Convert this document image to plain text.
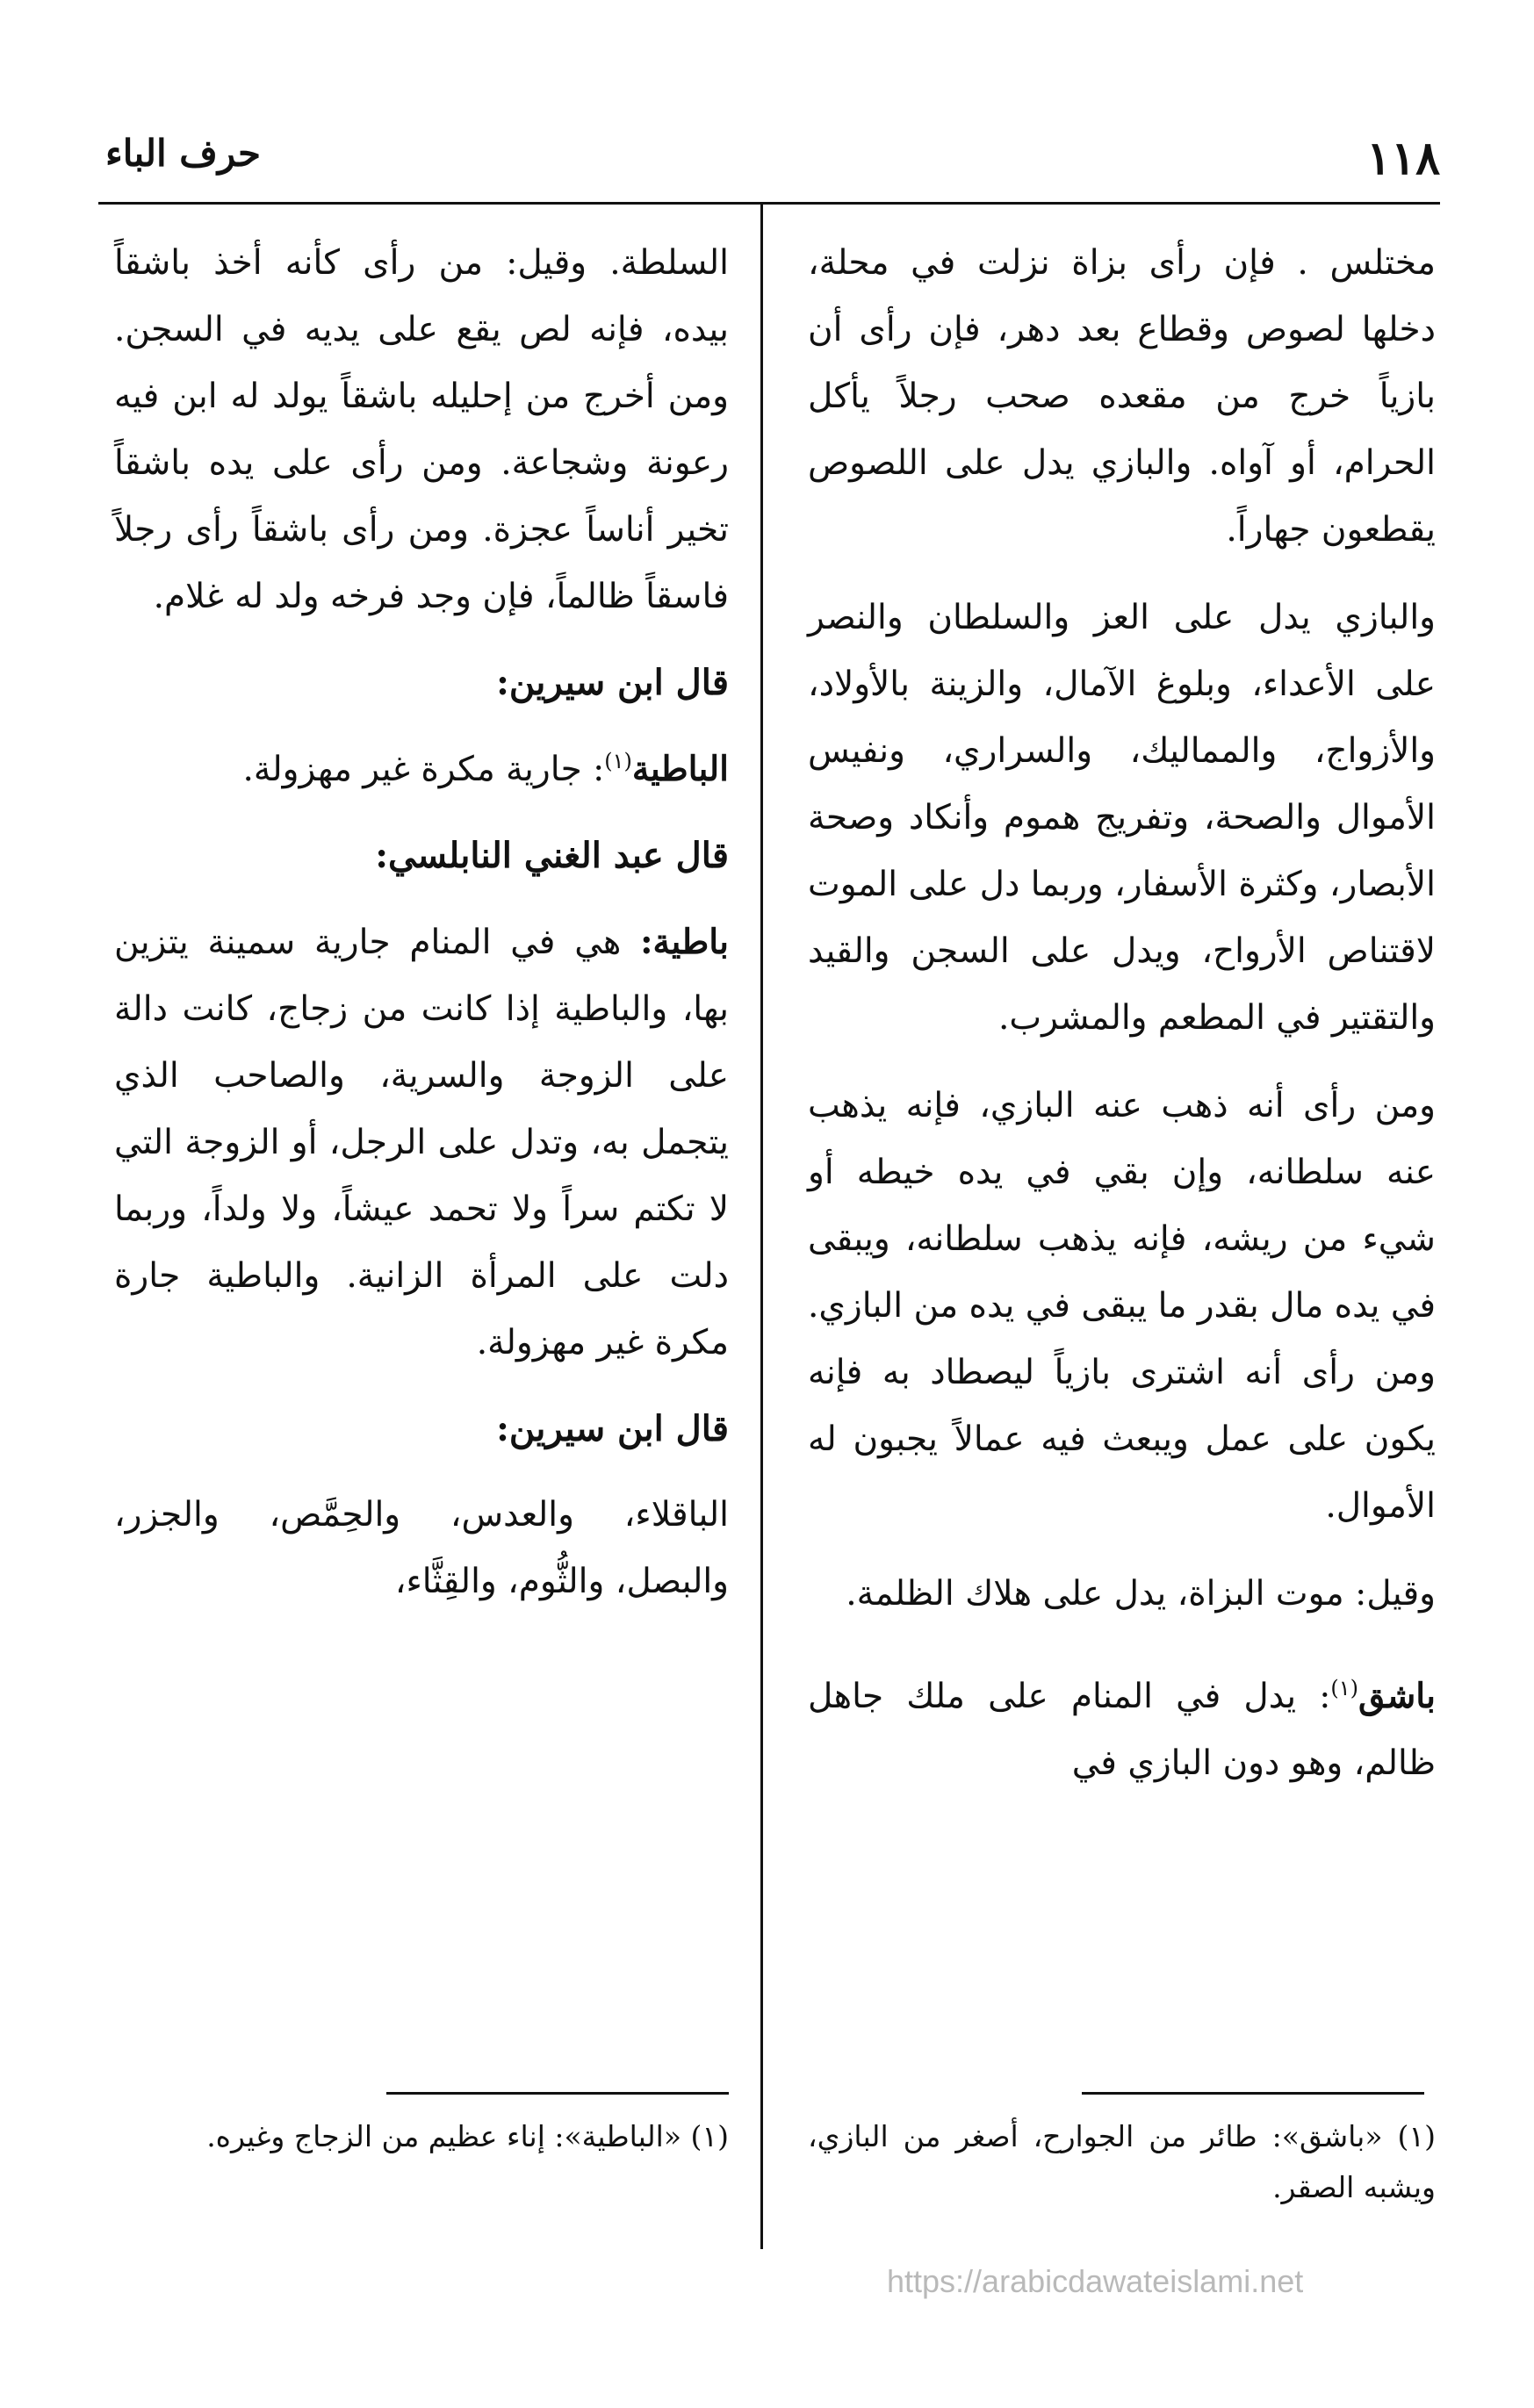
١١٨
حرف الباء

مختلس . فإن رأى بزاة نزلت في محلة، دخلها لصوص وقطاع بعد دهر، فإن رأى أن بازياً خرج من مقعده صحب رجلاً يأكل الحرام، أو آواه. والبازي يدل على اللصوص يقطعون جهاراً.

والبازي يدل على العز والسلطان والنصر على الأعداء، وبلوغ الآمال، والزينة بالأولاد، والأزواج، والمماليك، والسراري، ونفيس الأموال والصحة، وتفريج هموم وأنكاد وصحة الأبصار، وكثرة الأسفار، وربما دل على الموت لاقتناص الأرواح، ويدل على السجن والقيد والتقتير في المطعم والمشرب.

ومن رأى أنه ذهب عنه البازي، فإنه يذهب عنه سلطانه، وإن بقي في يده خيطه أو شيء من ريشه، فإنه يذهب سلطانه، ويبقى في يده مال بقدر ما يبقى في يده من البازي. ومن رأى أنه اشترى بازياً ليصطاد به فإنه يكون على عمل ويبعث فيه عمالاً يجبون له الأموال.

وقيل: موت البزاة، يدل على هلاك الظلمة.

باشق$^{(١)}$: يدل في المنام على ملك جاهل ظالم، وهو دون البازي في

السلطة. وقيل: من رأى كأنه أخذ باشقاً بيده، فإنه لص يقع على يديه في السجن. ومن أخرج من إحليله باشقاً يولد له ابن فيه رعونة وشجاعة. ومن رأى على يده باشقاً تخير أناساً عجزة. ومن رأى باشقاً رأى رجلاً فاسقاً ظالماً، فإن وجد فرخه ولد له غلام.

قال ابن سيرين:

الباطية$^{(١)}$: جارية مكرة غير مهزولة.

قال عبد الغني النابلسي:

باطية: هي في المنام جارية سمينة يتزين بها، والباطية إذا كانت من زجاج، كانت دالة على الزوجة والسرية، والصاحب الذي يتجمل به، وتدل على الرجل، أو الزوجة التي لا تكتم سراً ولا تحمد عيشاً، ولا ولداً، وربما دلت على المرأة الزانية. والباطية جارة مكرة غير مهزولة.

قال ابن سيرين:

الباقلاء، والعدس، والحِمَّص، والجزر، والبصل، والثُّوم، والقِثَّاء،

(١) «باشق»: طائر من الجوارح، أصغر من البازي، ويشبه الصقر.
(١) «الباطية»: إناء عظيم من الزجاج وغيره.
https://arabicdawateislami.net
